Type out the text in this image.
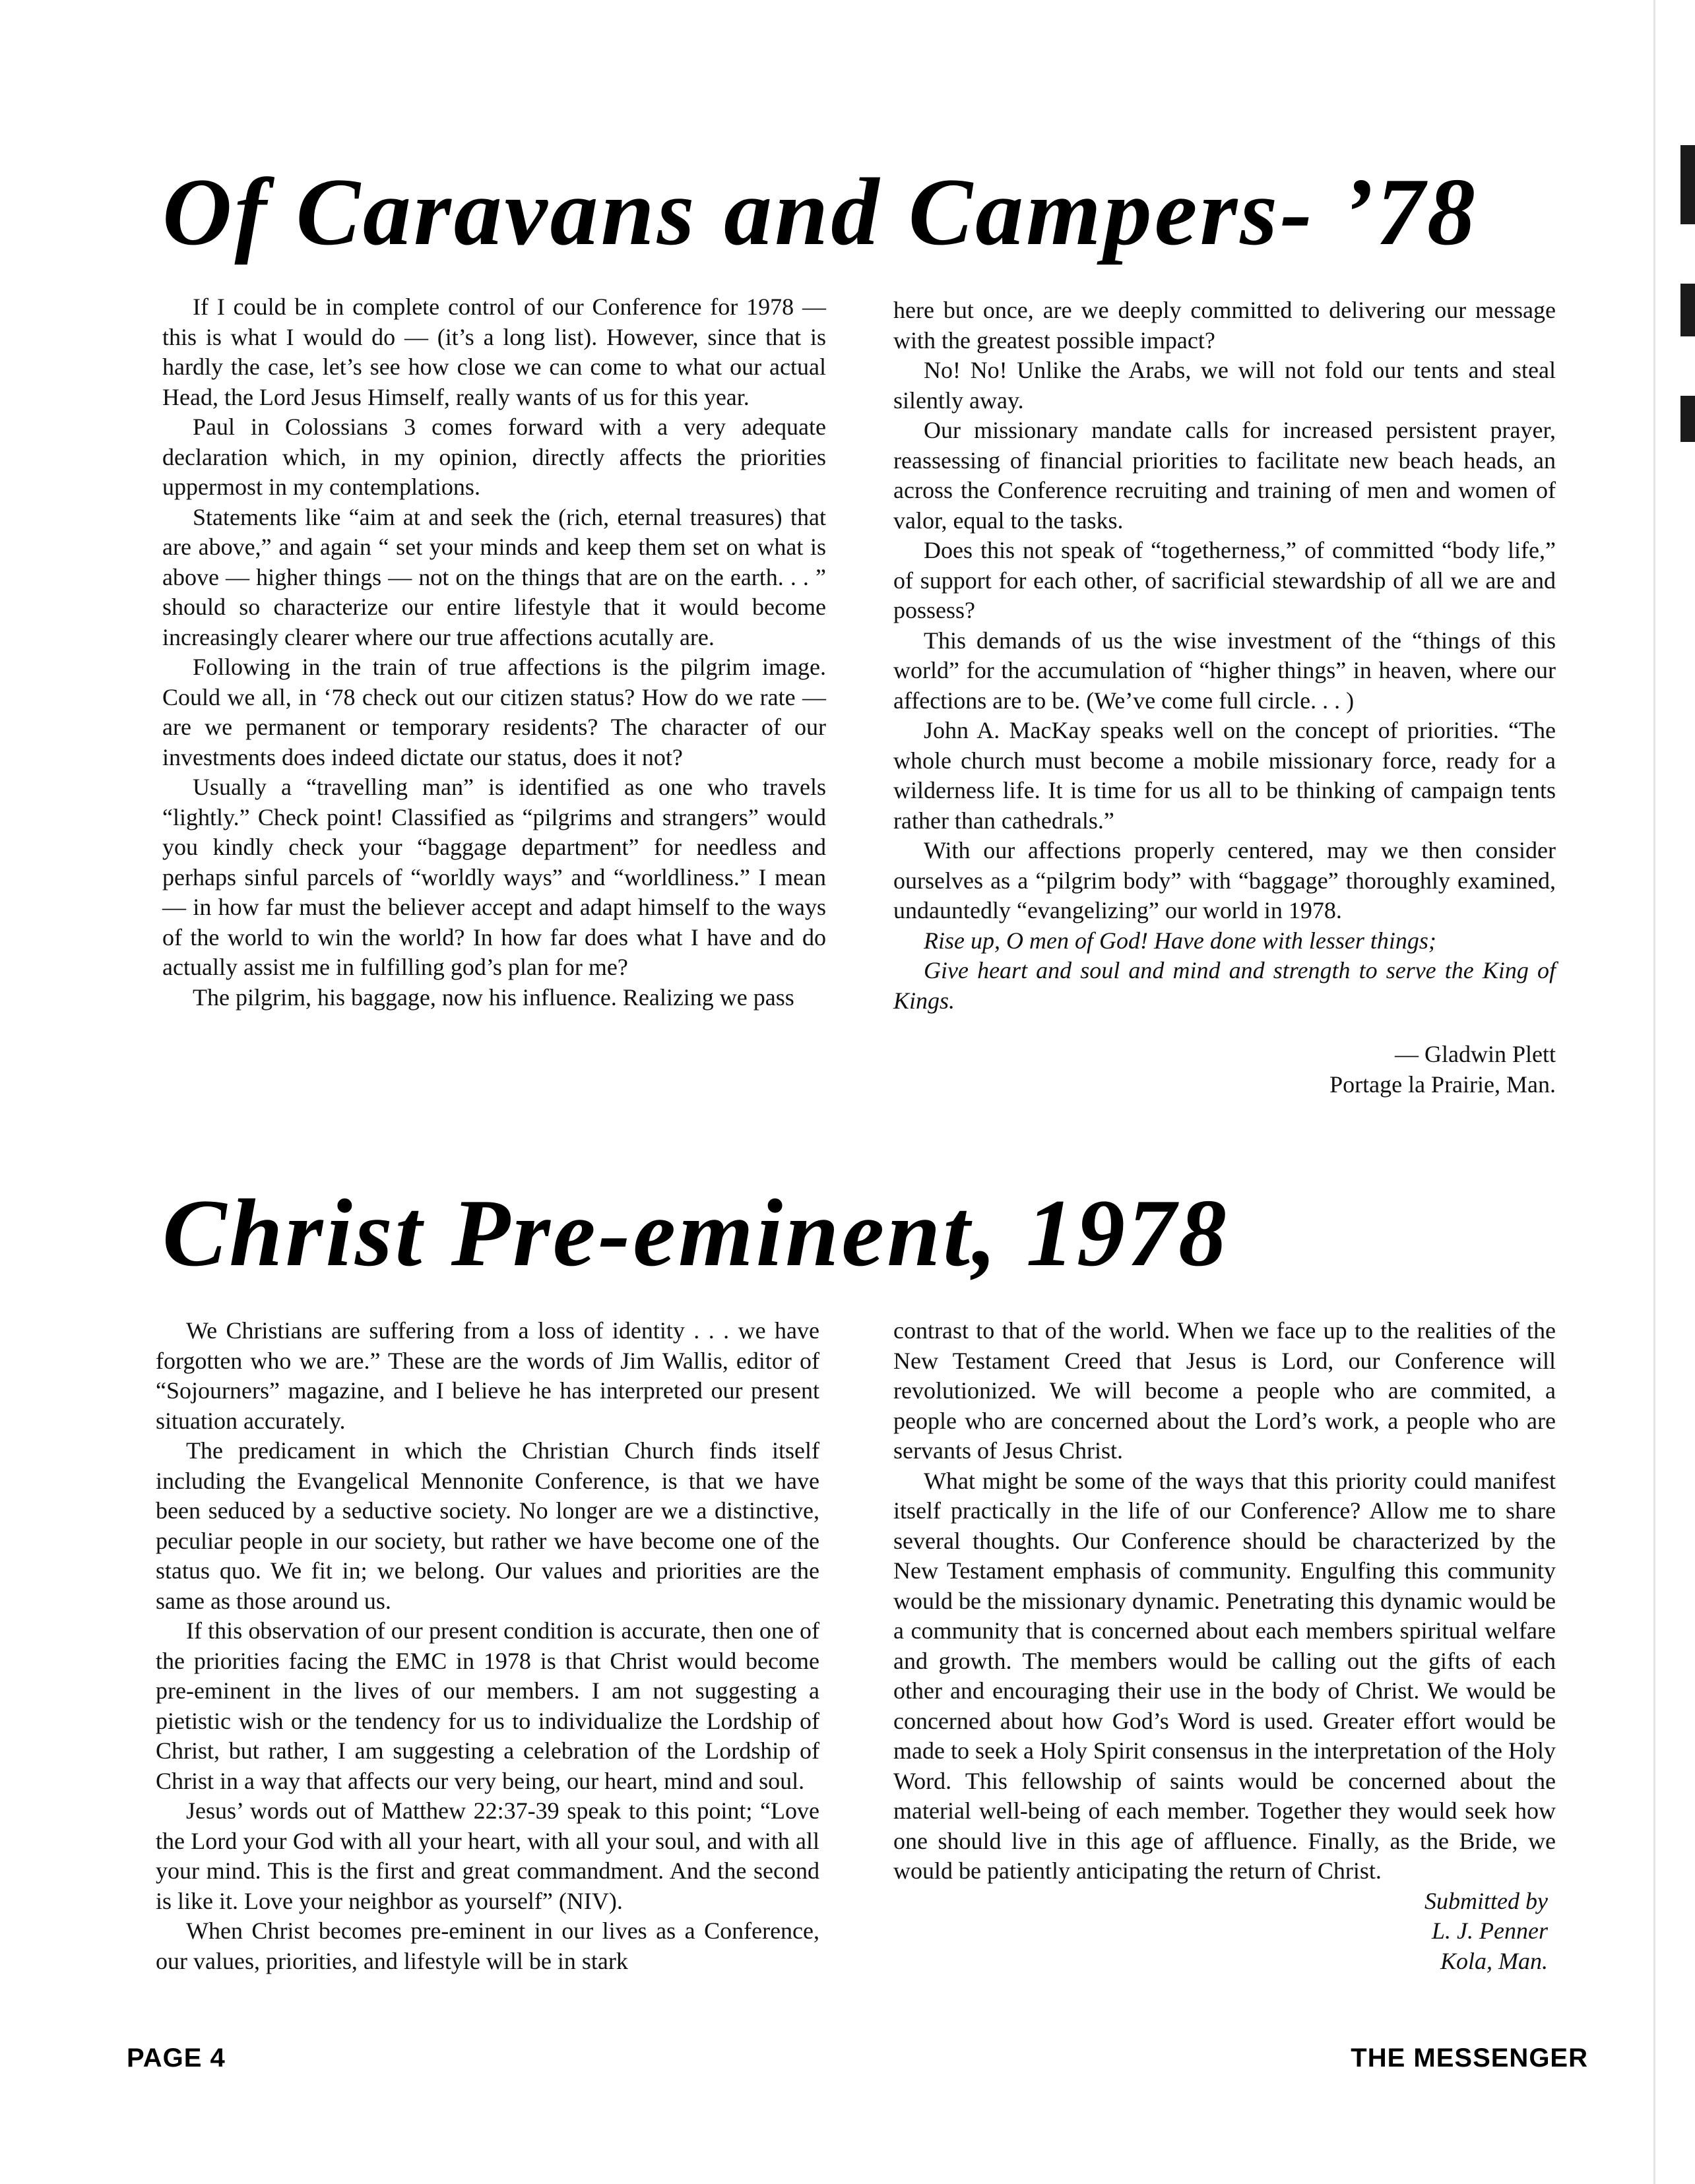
Of Caravans and Campers- ’78

If I could be in complete control of our Conference for 1978 — this is what I would do — (it’s a long list). However, since that is hardly the case, let’s see how close we can come to what our actual Head, the Lord Jesus Himself, really wants of us for this year.

Paul in Colossians 3 comes forward with a very adequate declaration which, in my opinion, directly affects the priorities uppermost in my contemplations.

Statements like “aim at and seek the (rich, eternal treasures) that are above,” and again “ set your minds and keep them set on what is above — higher things — not on the things that are on the earth. . . ” should so characterize our entire lifestyle that it would become increasingly clearer where our true affections acutally are.

Following in the train of true affections is the pilgrim image. Could we all, in ‘78 check out our citizen status? How do we rate — are we permanent or temporary residents? The character of our investments does indeed dictate our status, does it not?

Usually a “travelling man” is identified as one who travels “lightly.” Check point! Classified as “pilgrims and strangers” would you kindly check your “baggage department” for needless and perhaps sinful parcels of “worldly ways” and “worldliness.” I mean — in how far must the believer accept and adapt himself to the ways of the world to win the world? In how far does what I have and do actually assist me in fulfilling god’s plan for me?

The pilgrim, his baggage, now his influence. Realizing we pass

here but once, are we deeply committed to delivering our message with the greatest possible impact?

No! No! Unlike the Arabs, we will not fold our tents and steal silently away.

Our missionary mandate calls for increased persistent prayer, reassessing of financial priorities to facilitate new beach heads, an across the Conference recruiting and training of men and women of valor, equal to the tasks.

Does this not speak of “togetherness,” of committed “body life,” of support for each other, of sacrificial stewardship of all we are and possess?

This demands of us the wise investment of the “things of this world” for the accumulation of “higher things” in heaven, where our affections are to be. (We’ve come full circle. . . )

John A. MacKay speaks well on the concept of priorities. “The whole church must become a mobile missionary force, ready for a wilderness life. It is time for us all to be thinking of campaign tents rather than cathedrals.”

With our affections properly centered, may we then consider ourselves as a “pilgrim body” with “baggage” thoroughly examined, undauntedly “evangelizing” our world in 1978.

Rise up, O men of God! Have done with lesser things;

Give heart and soul and mind and strength to serve the King of Kings.

— Gladwin Plett
Portage la Prairie, Man.
Christ Pre-eminent, 1978

We Christians are suffering from a loss of identity . . . we have forgotten who we are.” These are the words of Jim Wallis, editor of “Sojourners” magazine, and I believe he has interpreted our present situation accurately.

The predicament in which the Christian Church finds itself including the Evangelical Mennonite Conference, is that we have been seduced by a seductive society. No longer are we a distinctive, peculiar people in our society, but rather we have become one of the status quo. We fit in; we belong. Our values and priorities are the same as those around us.

If this observation of our present condition is accurate, then one of the priorities facing the EMC in 1978 is that Christ would become pre-eminent in the lives of our members. I am not suggesting a pietistic wish or the tendency for us to individualize the Lordship of Christ, but rather, I am suggesting a celebration of the Lordship of Christ in a way that affects our very being, our heart, mind and soul.

Jesus’ words out of Matthew 22:37-39 speak to this point; “Love the Lord your God with all your heart, with all your soul, and with all your mind. This is the first and great commandment. And the second is like it. Love your neighbor as yourself” (NIV).

When Christ becomes pre-eminent in our lives as a Conference, our values, priorities, and lifestyle will be in stark

contrast to that of the world. When we face up to the realities of the New Testament Creed that Jesus is Lord, our Conference will revolutionized. We will become a people who are commited, a people who are concerned about the Lord’s work, a people who are servants of Jesus Christ.

What might be some of the ways that this priority could manifest itself practically in the life of our Conference? Allow me to share several thoughts. Our Conference should be characterized by the New Testament emphasis of community. Engulfing this community would be the missionary dynamic. Penetrating this dynamic would be a community that is concerned about each members spiritual welfare and growth. The members would be calling out the gifts of each other and encouraging their use in the body of Christ. We would be concerned about how God’s Word is used. Greater effort would be made to seek a Holy Spirit consensus in the interpretation of the Holy Word. This fellowship of saints would be concerned about the material well-being of each member. Together they would seek how one should live in this age of affluence. Finally, as the Bride, we would be patiently anticipating the return of Christ.

Submitted by
L. J. Penner
Kola, Man.
PAGE 4	THE MESSENGER
